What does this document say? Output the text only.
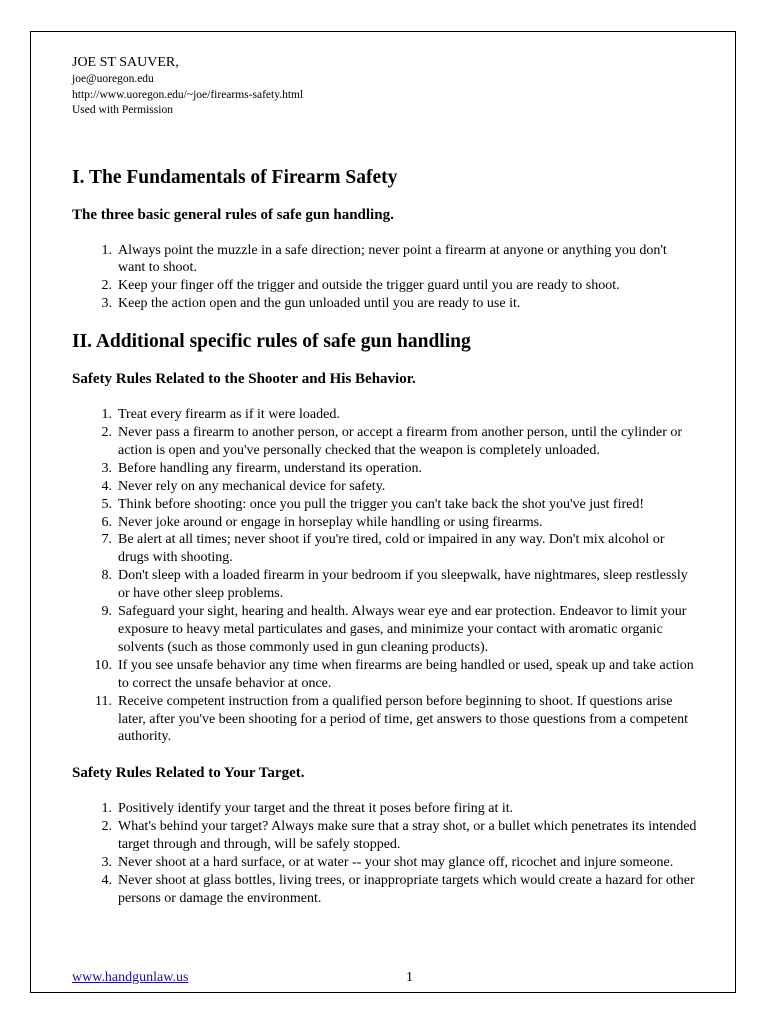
JOE ST SAUVER,
joe@uoregon.edu
http://www.uoregon.edu/~joe/firearms-safety.html
Used with Permission
I. The Fundamentals of Firearm Safety
The three basic general rules of safe gun handling.
1. Always point the muzzle in a safe direction; never point a firearm at anyone or anything you don't want to shoot.
2. Keep your finger off the trigger and outside the trigger guard until you are ready to shoot.
3. Keep the action open and the gun unloaded until you are ready to use it.
II. Additional specific rules of safe gun handling
Safety Rules Related to the Shooter and His Behavior.
1. Treat every firearm as if it were loaded.
2. Never pass a firearm to another person, or accept a firearm from another person, until the cylinder or action is open and you've personally checked that the weapon is completely unloaded.
3. Before handling any firearm, understand its operation.
4. Never rely on any mechanical device for safety.
5. Think before shooting: once you pull the trigger you can't take back the shot you've just fired!
6. Never joke around or engage in horseplay while handling or using firearms.
7. Be alert at all times; never shoot if you're tired, cold or impaired in any way. Don't mix alcohol or drugs with shooting.
8. Don't sleep with a loaded firearm in your bedroom if you sleepwalk, have nightmares, sleep restlessly or have other sleep problems.
9. Safeguard your sight, hearing and health. Always wear eye and ear protection. Endeavor to limit your exposure to heavy metal particulates and gases, and minimize your contact with aromatic organic solvents (such as those commonly used in gun cleaning products).
10. If you see unsafe behavior any time when firearms are being handled or used, speak up and take action to correct the unsafe behavior at once.
11. Receive competent instruction from a qualified person before beginning to shoot. If questions arise later, after you've been shooting for a period of time, get answers to those questions from a competent authority.
Safety Rules Related to Your Target.
1. Positively identify your target and the threat it poses before firing at it.
2. What's behind your target? Always make sure that a stray shot, or a bullet which penetrates its intended target through and through, will be safely stopped.
3. Never shoot at a hard surface, or at water -- your shot may glance off, ricochet and injure someone.
4. Never shoot at glass bottles, living trees, or inappropriate targets which would create a hazard for other persons or damage the environment.
www.handgunlaw.us	1
